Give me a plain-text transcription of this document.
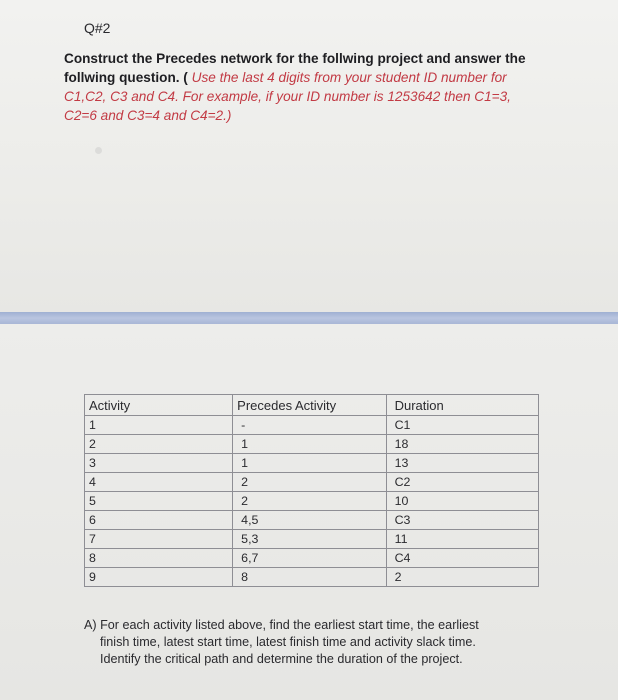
Q#2
Construct the Precedes network for the follwing project and answer the follwing question. ( Use the last 4 digits from your student ID number for C1,C2, C3 and C4. For example, if your ID number is 1253642 then C1=3, C2=6 and C3=4 and C4=2.)
Activity	Precedes Activity	Duration
1	-	C1
2	1	18
3	1	13
4	2	C2
5	2	10
6	4,5	C3
7	5,3	11
8	6,7	C4
9	8	2
A) For each activity listed above, find the earliest start time, the earliest
finish time, latest start time, latest finish time and activity slack time.
Identify the critical path and determine the duration of the project.
